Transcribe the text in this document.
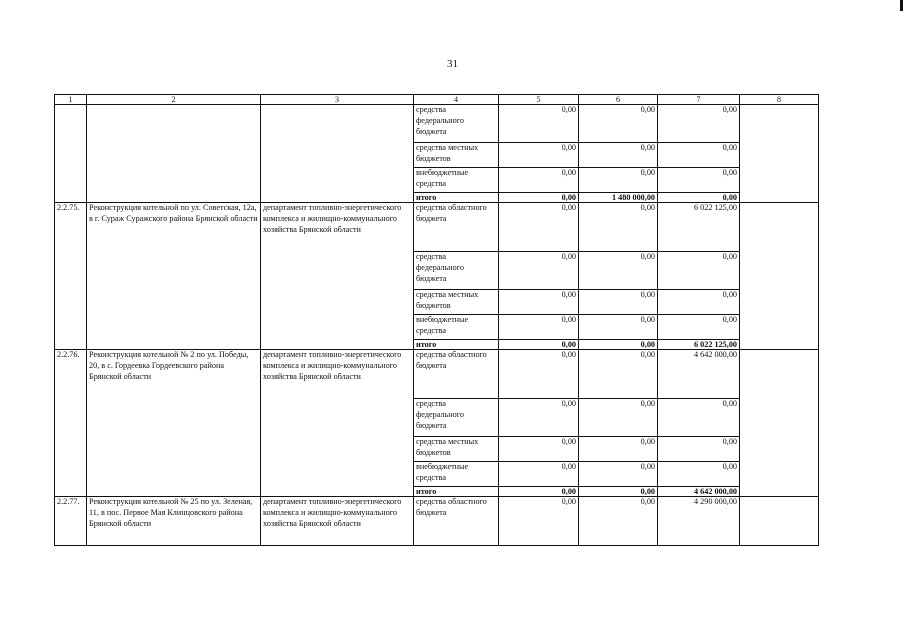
31
1	2	3	4	5	6	7	8
			средства федерального бюджета	0,00	0,00	0,00	
			средства местных бюджетов	0,00	0,00	0,00	
			внебюджетные средства	0,00	0,00	0,00	
			итого	0,00	1 480 000,00	0,00	
2.2.75.	Реконструкция котельной по ул. Советская, 12а, в г. Сураж Суражского района Брянской области	департамент топливно-энергетического комплекса и жилищно-коммунального хозяйства Брянской области	средства областного бюджета	0,00	0,00	6 022 125,00	
			средства федерального бюджета	0,00	0,00	0,00	
			средства местных бюджетов	0,00	0,00	0,00	
			внебюджетные средства	0,00	0,00	0,00	
			итого	0,00	0,00	6 022 125,00	
2.2.76.	Реконструкция котельной № 2 по ул. Победы, 20, в с. Гордеевка Гордеевского района Брянской области	департамент топливно-энергетического комплекса и жилищно-коммунального хозяйства Брянской области	средства областного бюджета	0,00	0,00	4 642 000,00	
			средства федерального бюджета	0,00	0,00	0,00	
			средства местных бюджетов	0,00	0,00	0,00	
			внебюджетные средства	0,00	0,00	0,00	
			итого	0,00	0,00	4 642 000,00	
2.2.77.	Реконструкция котельной № 25 по ул. Зеленая, 11, в пос. Первое Мая Клинцовского района Брянской области	департамент топливно-энергетического комплекса и жилищно-коммунального хозяйства Брянской области	средства областного бюджета	0,00	0,00	4 290 000,00	
